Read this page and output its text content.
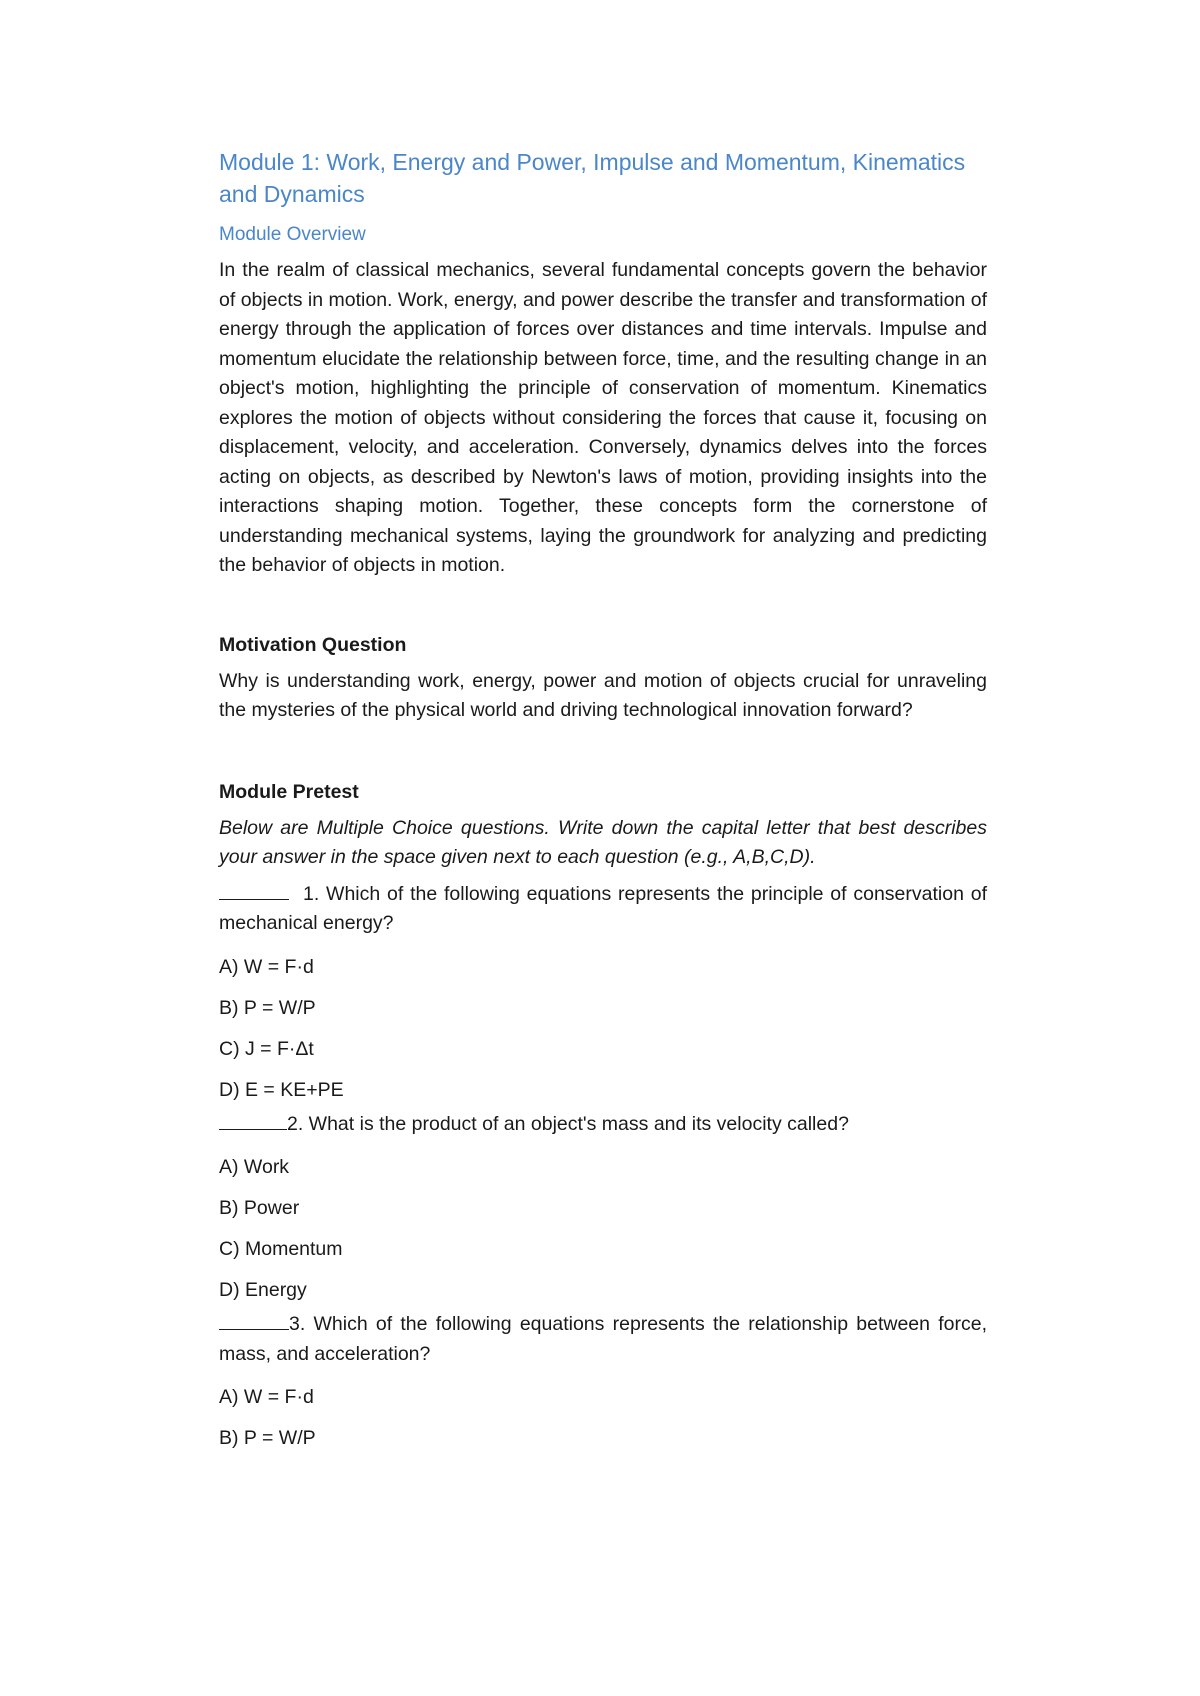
Module 1: Work, Energy and Power, Impulse and Momentum, Kinematics and Dynamics
Module Overview

In the realm of classical mechanics, several fundamental concepts govern the behavior of objects in motion. Work, energy, and power describe the transfer and transformation of energy through the application of forces over distances and time intervals. Impulse and momentum elucidate the relationship between force, time, and the resulting change in an object's motion, highlighting the principle of conservation of momentum. Kinematics explores the motion of objects without considering the forces that cause it, focusing on displacement, velocity, and acceleration. Conversely, dynamics delves into the forces acting on objects, as described by Newton's laws of motion, providing insights into the interactions shaping motion. Together, these concepts form the cornerstone of understanding mechanical systems, laying the groundwork for analyzing and predicting the behavior of objects in motion.

Motivation Question

Why is understanding work, energy, power and motion of objects crucial for unraveling the mysteries of the physical world and driving technological innovation forward?

Module Pretest

Below are Multiple Choice questions. Write down the capital letter that best describes your answer in the space given next to each question (e.g., A,B,C,D).

1. Which of the following equations represents the principle of conservation of mechanical energy?

A) W = F·d

B) P = W/P

C) J = F·Δt

D) E = KE+PE

2. What is the product of an object's mass and its velocity called?

A) Work

B) Power

C) Momentum

D) Energy

3. Which of the following equations represents the relationship between force, mass, and acceleration?

A) W = F·d

B) P = W/P
